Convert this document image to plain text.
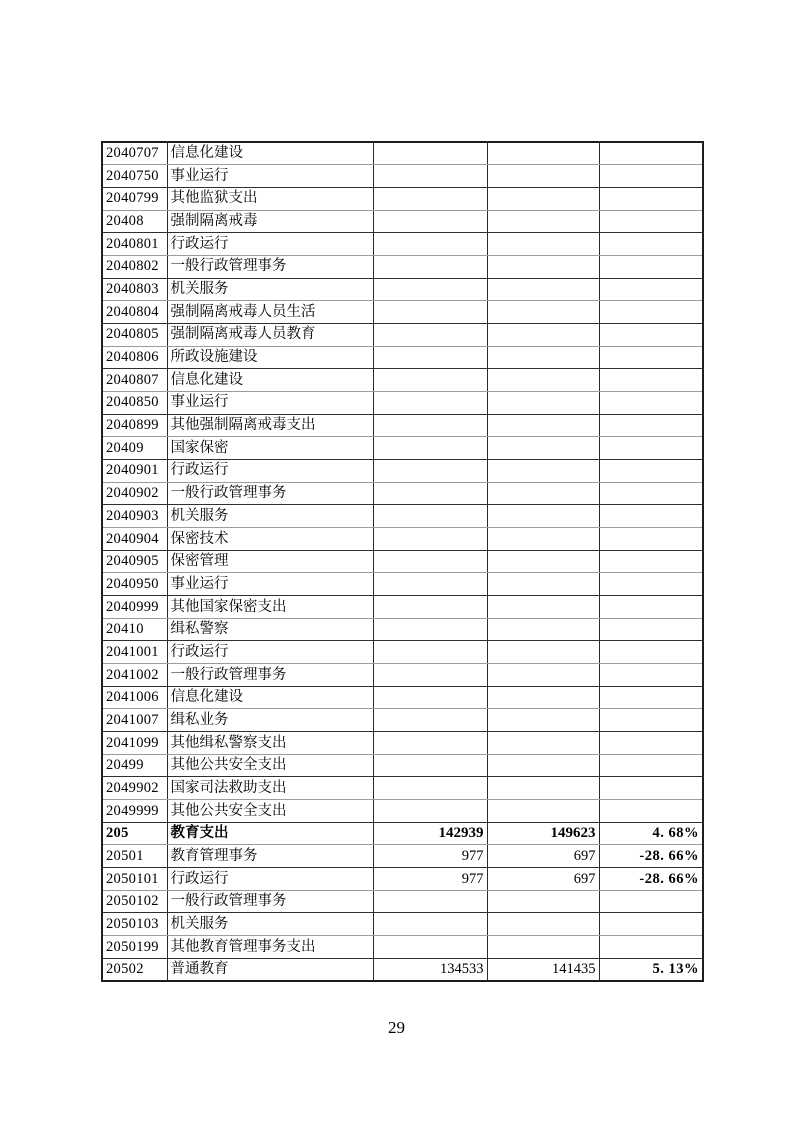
2040707	信息化建设			
2040750	事业运行			
2040799	其他监狱支出			
20408	强制隔离戒毒			
2040801	行政运行			
2040802	一般行政管理事务			
2040803	机关服务			
2040804	强制隔离戒毒人员生活			
2040805	强制隔离戒毒人员教育			
2040806	所政设施建设			
2040807	信息化建设			
2040850	事业运行			
2040899	其他强制隔离戒毒支出			
20409	国家保密			
2040901	行政运行			
2040902	一般行政管理事务			
2040903	机关服务			
2040904	保密技术			
2040905	保密管理			
2040950	事业运行			
2040999	其他国家保密支出			
20410	缉私警察			
2041001	行政运行			
2041002	一般行政管理事务			
2041006	信息化建设			
2041007	缉私业务			
2041099	其他缉私警察支出			
20499	其他公共安全支出			
2049902	国家司法救助支出			
2049999	其他公共安全支出			
205	教育支出	142939	149623	4. 68%
20501	教育管理事务	977	697	-28. 66%
2050101	行政运行	977	697	-28. 66%
2050102	一般行政管理事务			
2050103	机关服务			
2050199	其他教育管理事务支出			
20502	普通教育	134533	141435	5. 13%
29
